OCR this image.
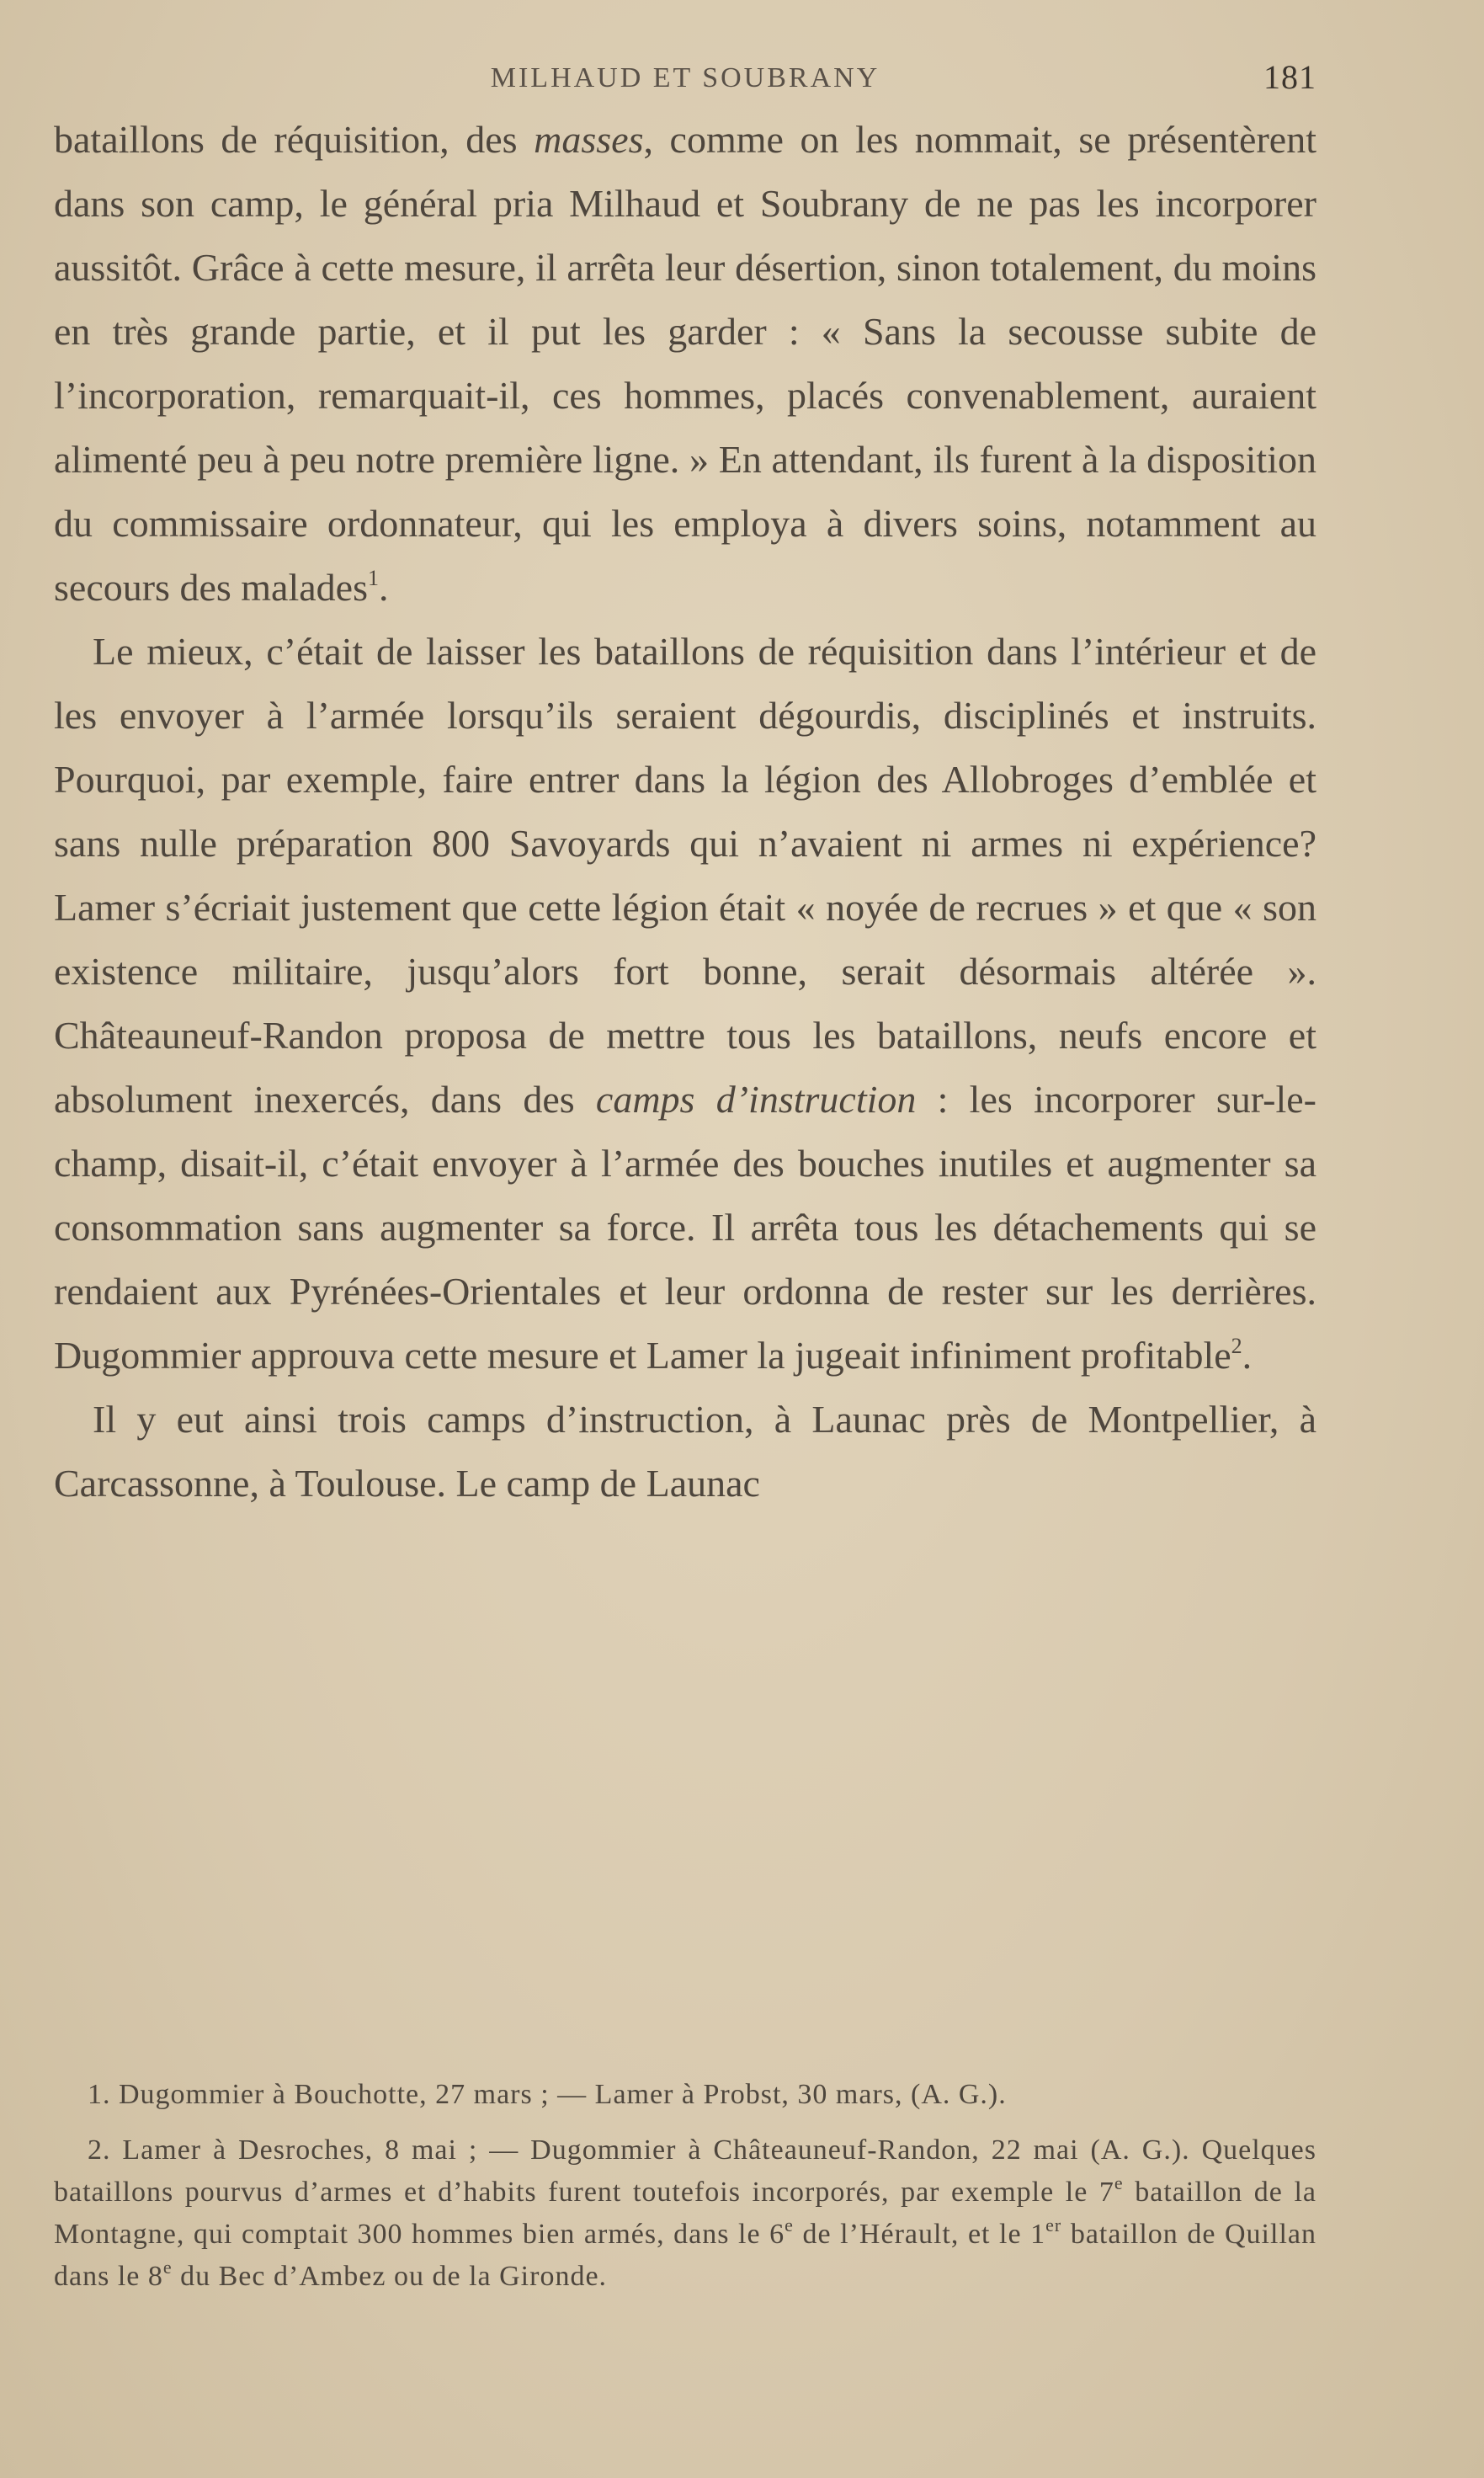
MILHAUD ET SOUBRANY	181

bataillons de réquisition, des masses, comme on les nommait, se présentèrent dans son camp, le général pria Milhaud et Soubrany de ne pas les incorporer aussitôt. Grâce à cette mesure, il arrêta leur désertion, sinon totalement, du moins en très grande partie, et il put les garder : « Sans la secousse subite de l’incorporation, remarquait-il, ces hommes, placés convenablement, auraient alimenté peu à peu notre première ligne. » En attendant, ils furent à la disposition du commissaire ordonnateur, qui les employa à divers soins, notamment au secours des malades$^1$.

Le mieux, c’était de laisser les bataillons de réquisition dans l’intérieur et de les envoyer à l’armée lorsqu’ils seraient dégourdis, disciplinés et instruits. Pourquoi, par exemple, faire entrer dans la légion des Allobroges d’emblée et sans nulle préparation 800 Savoyards qui n’avaient ni armes ni expérience? Lamer s’écriait justement que cette légion était « noyée de recrues » et que « son existence militaire, jusqu’alors fort bonne, serait désormais altérée ». Châteauneuf-Randon proposa de mettre tous les bataillons, neufs encore et absolument inexercés, dans des camps d’instruction : les incorporer sur-le-champ, disait-il, c’était envoyer à l’armée des bouches inutiles et augmenter sa consommation sans augmenter sa force. Il arrêta tous les détachements qui se rendaient aux Pyrénées-Orientales et leur ordonna de rester sur les derrières. Dugommier approuva cette mesure et Lamer la jugeait infiniment profitable$^2$.

Il y eut ainsi trois camps d’instruction, à Launac près de Montpellier, à Carcassonne, à Toulouse. Le camp de Launac

1. Dugommier à Bouchotte, 27 mars ; — Lamer à Probst, 30 mars, (A. G.).

2. Lamer à Desroches, 8 mai ; — Dugommier à Châteauneuf-Randon, 22 mai (A. G.). Quelques bataillons pourvus d’armes et d’habits furent toutefois incorporés, par exemple le 7e bataillon de la Montagne, qui comptait 300 hommes bien armés, dans le 6e de l’Hérault, et le 1er bataillon de Quillan dans le 8e du Bec d’Ambez ou de la Gironde.
